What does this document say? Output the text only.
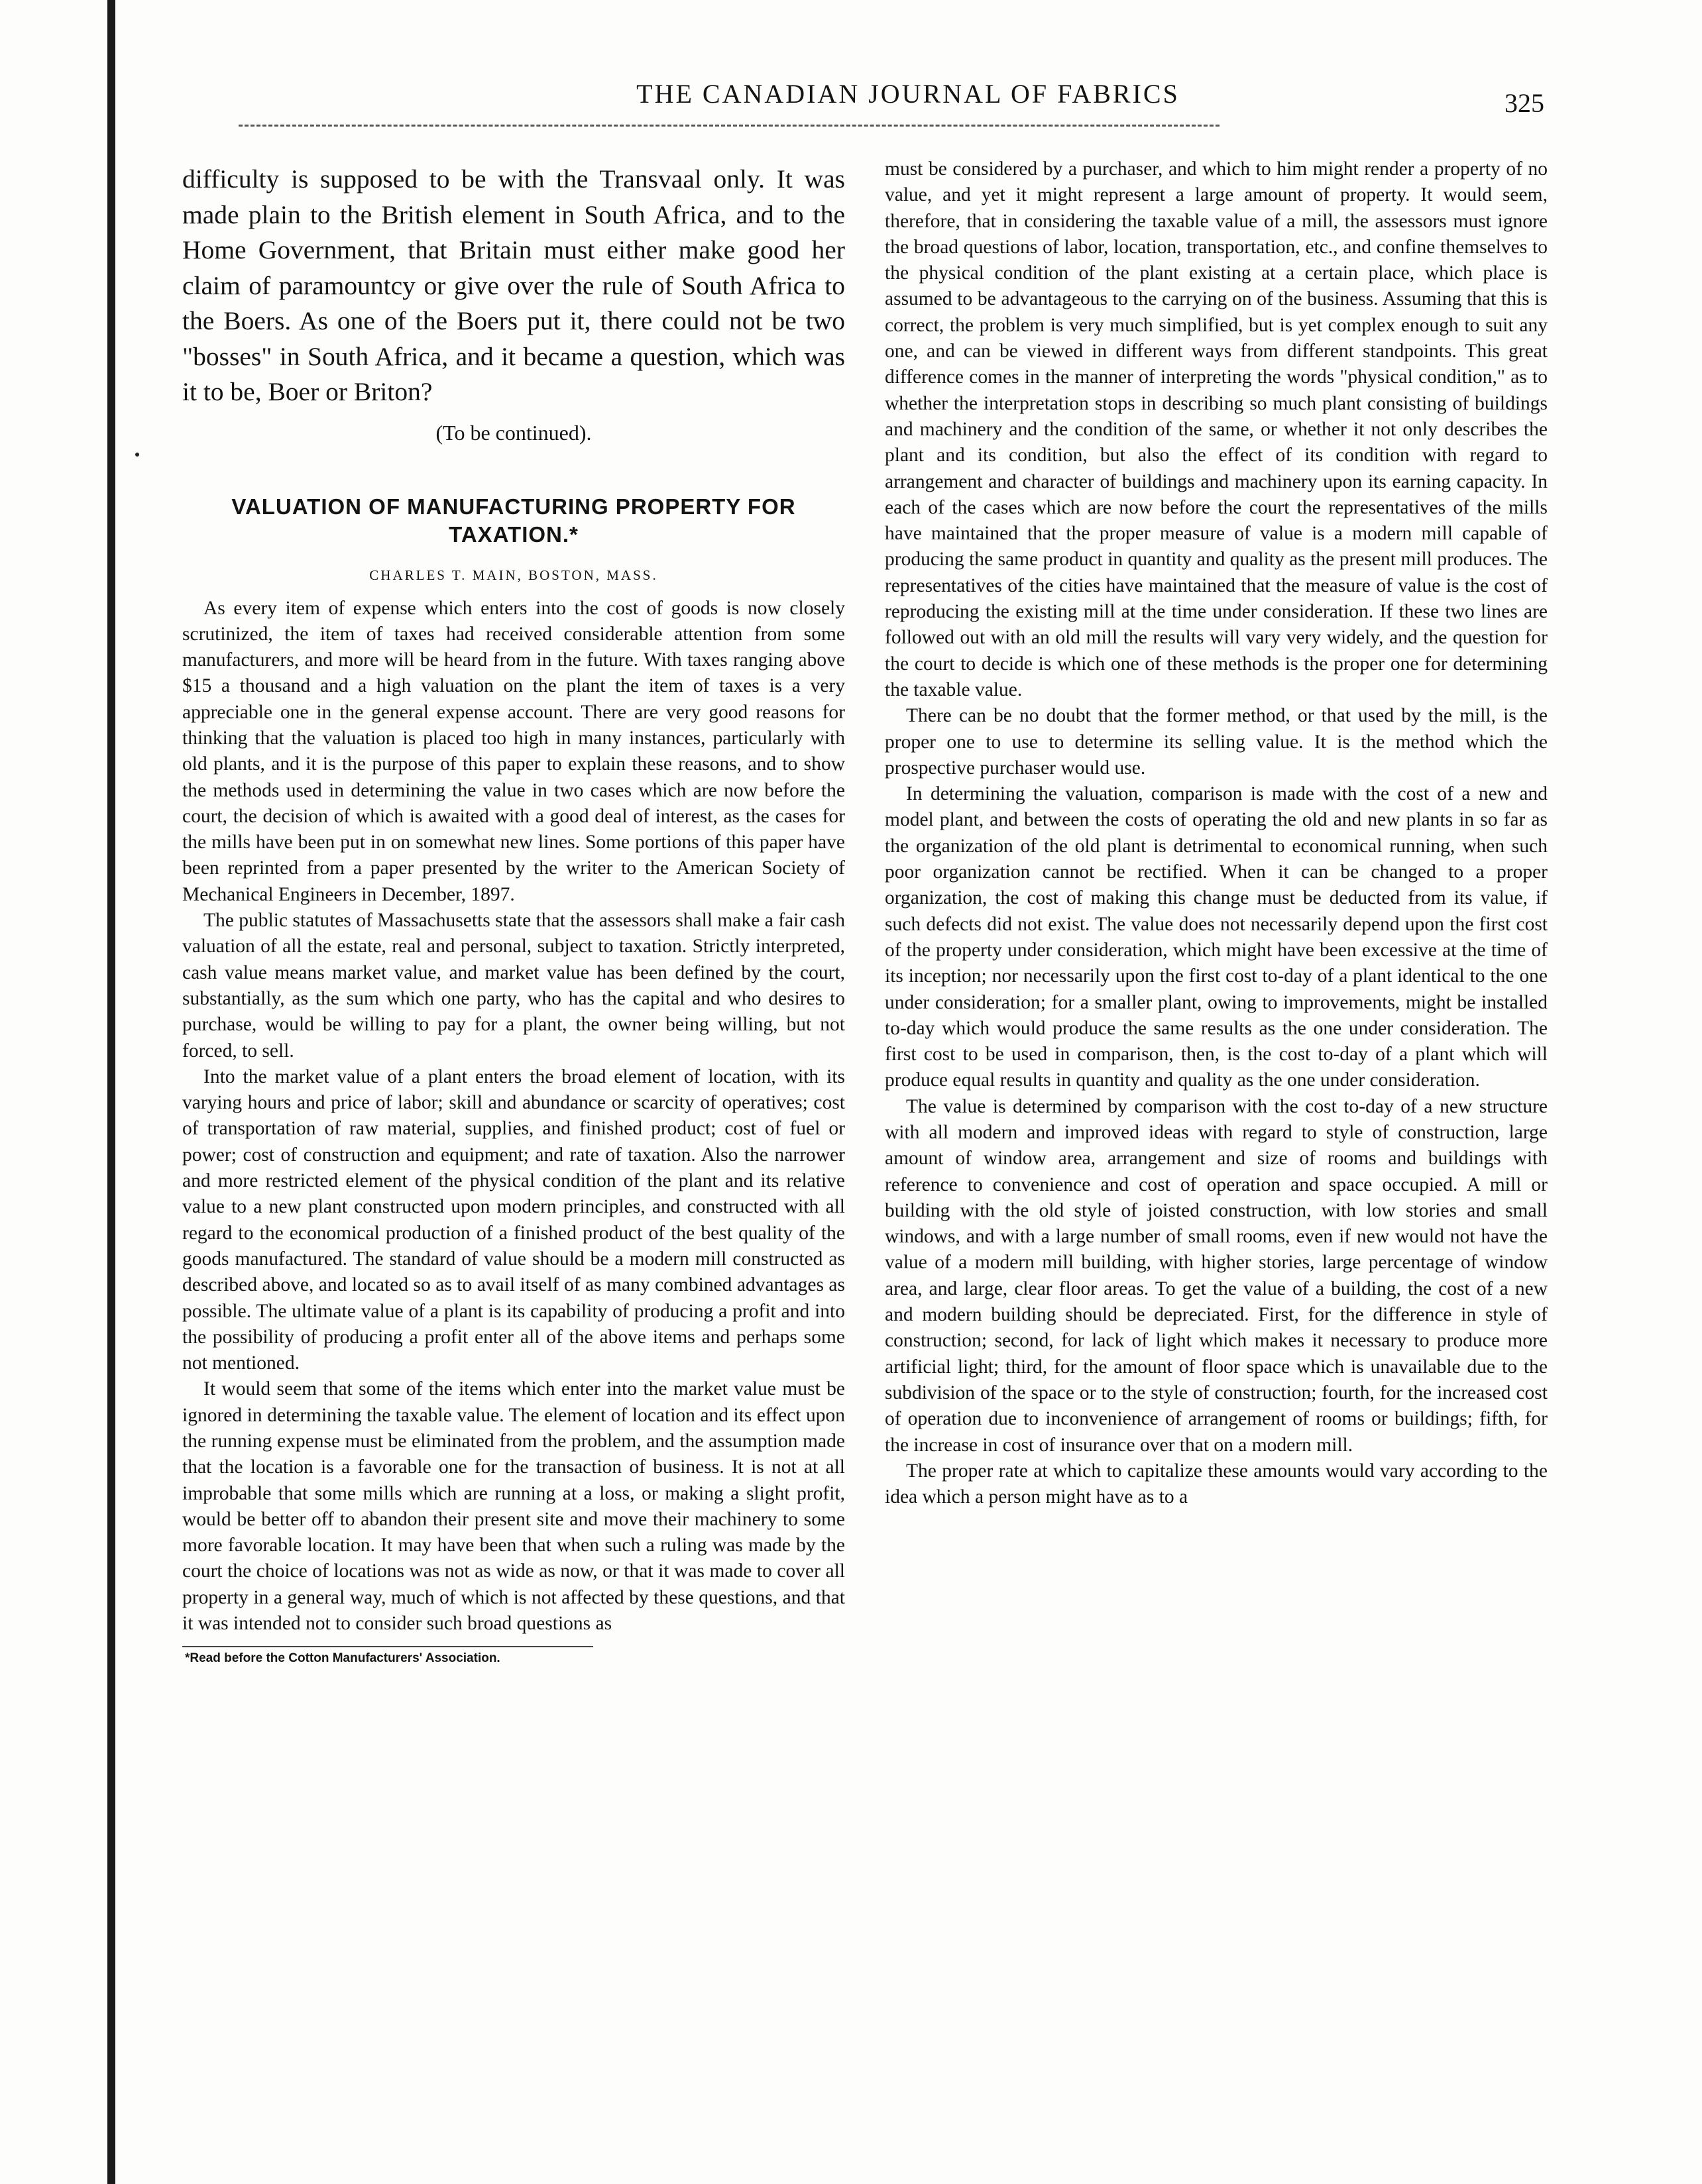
THE CANADIAN JOURNAL OF FABRICS	325

difficulty is supposed to be with the Transvaal only. It was made plain to the British element in South Africa, and to the Home Government, that Britain must either make good her claim of paramountcy or give over the rule of South Africa to the Boers. As one of the Boers put it, there could not be two "bosses" in South Africa, and it became a question, which was it to be, Boer or Briton?

(To be continued).

VALUATION OF MANUFACTURING PROPERTY FOR TAXATION.*
CHARLES T. MAIN, BOSTON, MASS.

As every item of expense which enters into the cost of goods is now closely scrutinized, the item of taxes had received considerable attention from some manufacturers, and more will be heard from in the future. With taxes ranging above $15 a thousand and a high valuation on the plant the item of taxes is a very appreciable one in the general expense account. There are very good reasons for thinking that the valuation is placed too high in many instances, particularly with old plants, and it is the purpose of this paper to explain these reasons, and to show the methods used in determining the value in two cases which are now before the court, the decision of which is awaited with a good deal of interest, as the cases for the mills have been put in on somewhat new lines. Some portions of this paper have been reprinted from a paper presented by the writer to the American Society of Mechanical Engineers in December, 1897.

The public statutes of Massachusetts state that the assessors shall make a fair cash valuation of all the estate, real and personal, subject to taxation. Strictly interpreted, cash value means market value, and market value has been defined by the court, substantially, as the sum which one party, who has the capital and who desires to purchase, would be willing to pay for a plant, the owner being willing, but not forced, to sell.

Into the market value of a plant enters the broad element of location, with its varying hours and price of labor; skill and abundance or scarcity of operatives; cost of transportation of raw material, supplies, and finished product; cost of fuel or power; cost of construction and equipment; and rate of taxation. Also the narrower and more restricted element of the physical condition of the plant and its relative value to a new plant constructed upon modern principles, and constructed with all regard to the economical production of a finished product of the best quality of the goods manufactured. The standard of value should be a modern mill constructed as described above, and located so as to avail itself of as many combined advantages as possible. The ultimate value of a plant is its capability of producing a profit and into the possibility of producing a profit enter all of the above items and perhaps some not mentioned.

It would seem that some of the items which enter into the market value must be ignored in determining the taxable value. The element of location and its effect upon the running expense must be eliminated from the problem, and the assumption made that the location is a favorable one for the transaction of business. It is not at all improbable that some mills which are running at a loss, or making a slight profit, would be better off to abandon their present site and move their machinery to some more favorable location. It may have been that when such a ruling was made by the court the choice of locations was not as wide as now, or that it was made to cover all property in a general way, much of which is not affected by these questions, and that it was intended not to consider such broad questions as

*Read before the Cotton Manufacturers' Association.

must be considered by a purchaser, and which to him might render a property of no value, and yet it might represent a large amount of property. It would seem, therefore, that in considering the taxable value of a mill, the assessors must ignore the broad questions of labor, location, transportation, etc., and confine themselves to the physical condition of the plant existing at a certain place, which place is assumed to be advantageous to the carrying on of the business. Assuming that this is correct, the problem is very much simplified, but is yet complex enough to suit any one, and can be viewed in different ways from different standpoints. This great difference comes in the manner of interpreting the words "physical condition," as to whether the interpretation stops in describing so much plant consisting of buildings and machinery and the condition of the same, or whether it not only describes the plant and its condition, but also the effect of its condition with regard to arrangement and character of buildings and machinery upon its earning capacity. In each of the cases which are now before the court the representatives of the mills have maintained that the proper measure of value is a modern mill capable of producing the same product in quantity and quality as the present mill produces. The representatives of the cities have maintained that the measure of value is the cost of reproducing the existing mill at the time under consideration. If these two lines are followed out with an old mill the results will vary very widely, and the question for the court to decide is which one of these methods is the proper one for determining the taxable value.

There can be no doubt that the former method, or that used by the mill, is the proper one to use to determine its selling value. It is the method which the prospective purchaser would use.

In determining the valuation, comparison is made with the cost of a new and model plant, and between the costs of operating the old and new plants in so far as the organization of the old plant is detrimental to economical running, when such poor organization cannot be rectified. When it can be changed to a proper organization, the cost of making this change must be deducted from its value, if such defects did not exist. The value does not necessarily depend upon the first cost of the property under consideration, which might have been excessive at the time of its inception; nor necessarily upon the first cost to-day of a plant identical to the one under consideration; for a smaller plant, owing to improvements, might be installed to-day which would produce the same results as the one under consideration. The first cost to be used in comparison, then, is the cost to-day of a plant which will produce equal results in quantity and quality as the one under consideration.

The value is determined by comparison with the cost to-day of a new structure with all modern and improved ideas with regard to style of construction, large amount of window area, arrangement and size of rooms and buildings with reference to convenience and cost of operation and space occupied. A mill or building with the old style of joisted construction, with low stories and small windows, and with a large number of small rooms, even if new would not have the value of a modern mill building, with higher stories, large percentage of window area, and large, clear floor areas. To get the value of a building, the cost of a new and modern building should be depreciated. First, for the difference in style of construction; second, for lack of light which makes it necessary to produce more artificial light; third, for the amount of floor space which is unavailable due to the subdivision of the space or to the style of construction; fourth, for the increased cost of operation due to inconvenience of arrangement of rooms or buildings; fifth, for the increase in cost of insurance over that on a modern mill.

The proper rate at which to capitalize these amounts would vary according to the idea which a person might have as to a
